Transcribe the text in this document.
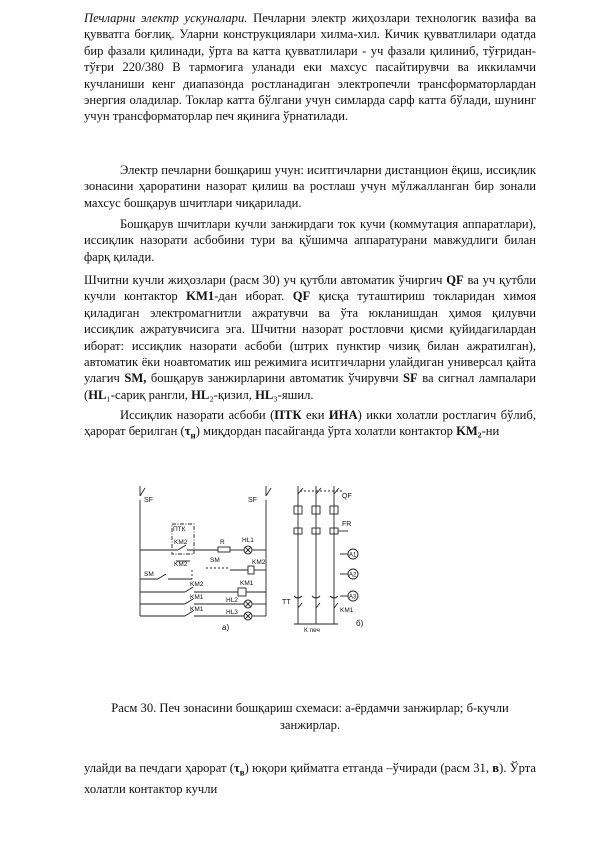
Печларни электр ускуналари. Печларни электр жиҳозлари технологик вазифа ва қувватга боғлиқ. Уларни конструкциялари хилма-хил. Кичик қувватлилари одатда бир фазали қилинади, ўрта ва катта қувватлилари - уч фазали қилиниб, тўғридан-тўғри 220/380 В тармоғига уланади еки махсус пасайтирувчи ва иккиламчи кучланиши кенг диапазонда ростланадиган электропечли трансформаторлардан энергия оладилар. Токлар катта бўлгани учун симларда сарф катта бўлади, шунинг учун трансформаторлар печ яқинига ўрнатилади.

Электр печларни бошқариш учун: иситгичларни дистанцион ёқиш, иссиқлик зонасини ҳароратини назорат қилиш ва ростлаш учун мўлжалланган бир зонали махсус бошқарув шчитлари чиқарилади.

Бошқарув шчитлари кучли занжирдаги ток кучи (коммутация аппаратлари), иссиқлик назорати асбобини тури ва қўшимча аппаратурани мавжудлиги билан фарқ қилади.

Шчитни кучли жиҳозлари (расм 30) уч қутбли автоматик ўчиргич QF ва уч қутбли кучли контактор KM1-дан иборат. QF қисқа туташтириш токларидан химоя қиладиган электромагнитли ажратувчи ва ўта юкланишдан ҳимоя қилувчи иссиқлик ажратувчисига эга. Шчитни назорат ростловчи қисми қуйидагилардан иборат: иссиқлик назорати асбоби (штрих пунктир чизиқ билан ажратилган), автоматик ёки ноавтоматик иш режимига иситгичларни улайдиган универсал қайта улагич SM, бошқарув занжирларини автоматик ўчирувчи SF ва сигнал лампалари (HL₁-сариқ рангли, HL₂-қизил, HL₃-яшил.

Иссиқлик назорати асбоби (ПТК еки ИНА) икки холатли ростлагич бўлиб, ҳарорат берилган $(\tau_н)$ миқдордан пасайганда ўрта холатли контактор KM₂-ни

SF	SF
ПТК
KM2	R	HL1
KM2
SM	KM2
SM
KM2	KM1
KM1	HL2
KM1	HL3
а)
QF
FR
A1
A2
A3
TT
KM1
К печ
б)

Расм 30. Печ зонасини бошқариш схемаси: а-ёрдамчи занжирлар; б-кучли занжирлар.

улайди ва печдаги ҳарорат $(\tau_в)$ юқори қийматга етганда –ўчиради (расм 31, в). Ўрта холатли контактор кучли
